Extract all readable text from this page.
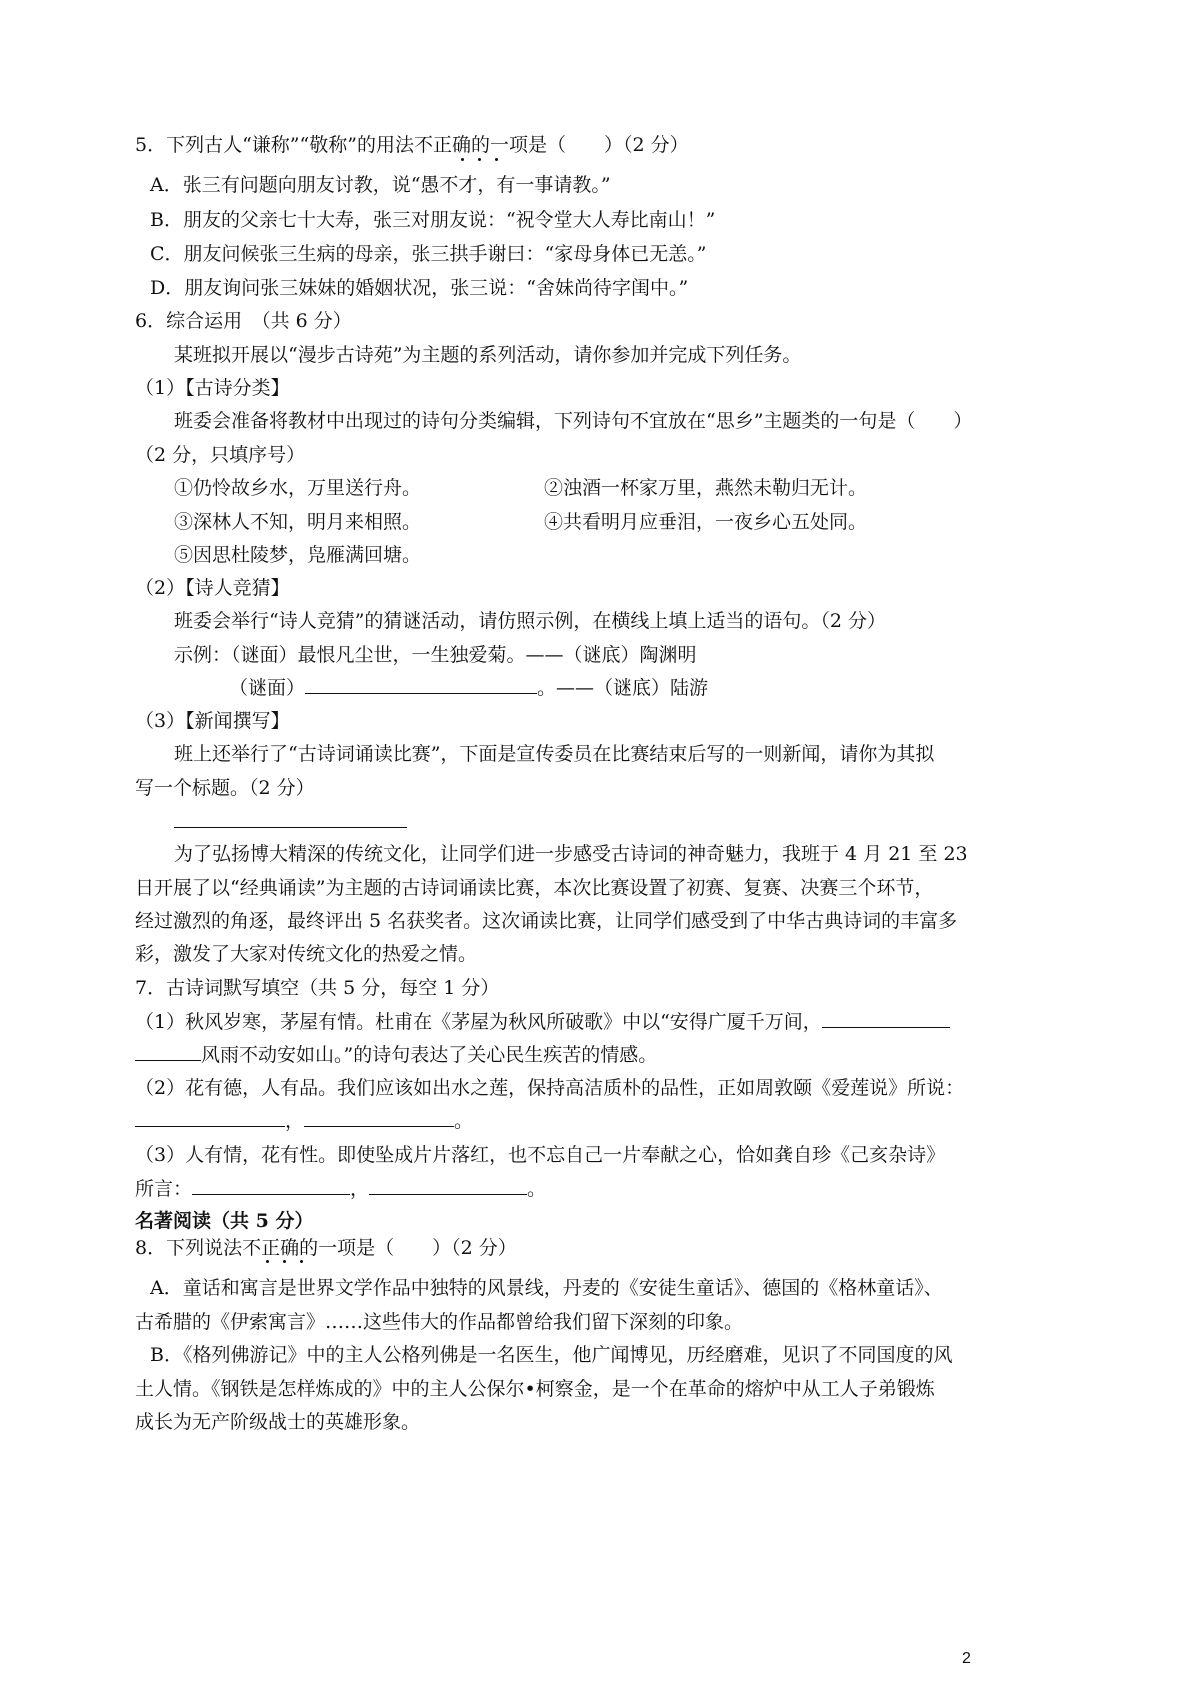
5．下列古人“谦称”“敬称”的用法不正确的一项是（　　）（2 分）
A．张三有问题向朋友讨教，说“愚不才，有一事请教。”
B．朋友的父亲七十大寿，张三对朋友说：“祝令堂大人寿比南山！”
C．朋友问候张三生病的母亲，张三拱手谢曰：“家母身体已无恙。”
D．朋友询问张三妹妹的婚姻状况，张三说：“舍妹尚待字闺中。”
6．综合运用　（共 6 分）
某班拟开展以“漫步古诗苑”为主题的系列活动，请你参加并完成下列任务。
（1）【古诗分类】
班委会准备将教材中出现过的诗句分类编辑，下列诗句不宜放在“思乡”主题类的一句是（　　）
（2 分，只填序号）
①仍怜故乡水，万里送行舟。	②浊酒一杯家万里，燕然未勒归无计。
③深林人不知，明月来相照。	④共看明月应垂泪，一夜乡心五处同。
⑤因思杜陵梦，凫雁满回塘。
（2）【诗人竞猜】
班委会举行“诗人竞猜”的猜谜活动，请仿照示例，在横线上填上适当的语句。（2 分）
示例：（谜面）最恨凡尘世，一生独爱菊。——（谜底）陶渊明
（谜面）	。——（谜底）陆游
（3）【新闻撰写】
班上还举行了“古诗词诵读比赛”，下面是宣传委员在比赛结束后写的一则新闻，请你为其拟
写一个标题。（2 分）
为了弘扬博大精深的传统文化，让同学们进一步感受古诗词的神奇魅力，我班于 4 月 21 至 23
日开展了以“经典诵读”为主题的古诗词诵读比赛，本次比赛设置了初赛、复赛、决赛三个环节，
经过激烈的角逐，最终评出 5 名获奖者。这次诵读比赛，让同学们感受到了中华古典诗词的丰富多
彩，激发了大家对传统文化的热爱之情。
7．古诗词默写填空（共 5 分，每空 1 分）
（1）秋风岁寒，茅屋有情。杜甫在《茅屋为秋风所破歌》中以“安得广厦千万间，
风雨不动安如山。”的诗句表达了关心民生疾苦的情感。
（2）花有德，人有品。我们应该如出水之莲，保持高洁质朴的品性，正如周敦颐《爱莲说》所说：
，	。
（3）人有情，花有性。即使坠成片片落红，也不忘自己一片奉献之心，恰如龚自珍《己亥杂诗》
所言：	，	。
名著阅读（共 5 分）
8．下列说法不正确的一项是（　　）（2 分）
A．童话和寓言是世界文学作品中独特的风景线，丹麦的《安徒生童话》、德国的《格林童话》、
古希腊的《伊索寓言》……这些伟大的作品都曾给我们留下深刻的印象。
B．《格列佛游记》中的主人公格列佛是一名医生，他广闻博见，历经磨难，见识了不同国度的风
土人情。《钢铁是怎样炼成的》中的主人公保尔•柯察金，是一个在革命的熔炉中从工人子弟锻炼
成长为无产阶级战士的英雄形象。
2
